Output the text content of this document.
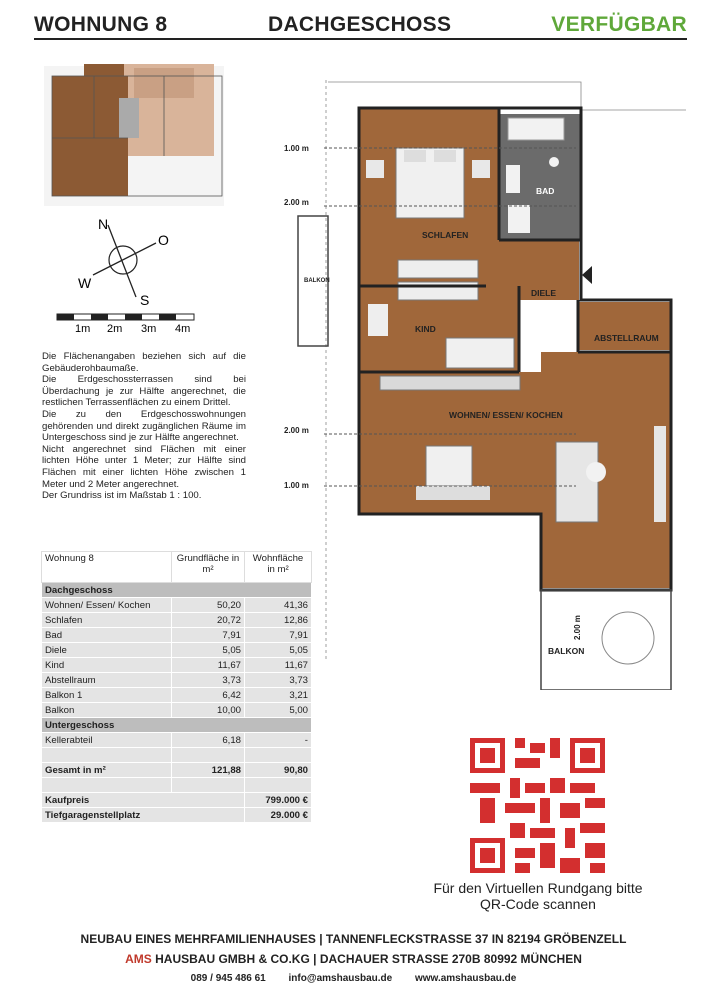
WOHNUNG 8	DACHGESCHOSS	VERFÜGBAR
N
O
S
W
1m 2m 3m 4m

Die Flächenangaben beziehen sich auf die Gebäuderohbaumaße.

Die Erdgeschossterrassen sind bei Überdachung je zur Hälfte angerechnet, die restlichen Terrassenflächen zu einem Drittel.

Die zu den Erdgeschosswohnungen gehörenden und direkt zugänglichen Räume im Untergeschoss sind je zur Hälfte angerechnet.

Nicht angerechnet sind Flächen mit einer lichten Höhe unter 1 Meter; zur Hälfte sind Flächen mit einer lichten Höhe zwischen 1 Meter und 2 Meter angerechnet.

Der Grundriss ist im Maßstab 1 : 100.

Wohnung 8	Grundfläche in m²	Wohnfläche in m²
Dachgeschoss		
Wohnen/ Essen/ Kochen	50,20	41,36
Schlafen	20,72	12,86
Bad	7,91	7,91
Diele	5,05	5,05
Kind	11,67	11,67
Abstellraum	3,73	3,73
Balkon 1	6,42	3,21
Balkon	10,00	5,00
Untergeschoss		
Kellerabteil	6,18	-

Gesamt in m²	121,88	90,80

Kaufpreis		799.000 €
Tiefgaragenstellplatz		29.000 €
SCHLAFEN
BAD
DIELE
KIND
ABSTELLRAUM
WOHNEN/ ESSEN/ KOCHEN
BALKON
BALKON
1.00 m
2.00 m
2.00 m
1.00 m
2.00 m
Für den Virtuellen Rundgang bitte
QR-Code scannen
NEUBAU EINES MEHRFAMILIENHAUSES | TANNENFLECKSTRASSE 37 IN 82194 GRÖBENZELL
AMS HAUSBAU GMBH & CO.KG | DACHAUER STRASSE 270B 80992 MÜNCHEN
089 / 945 486 61 info@amshausbau.de www.amshausbau.de
